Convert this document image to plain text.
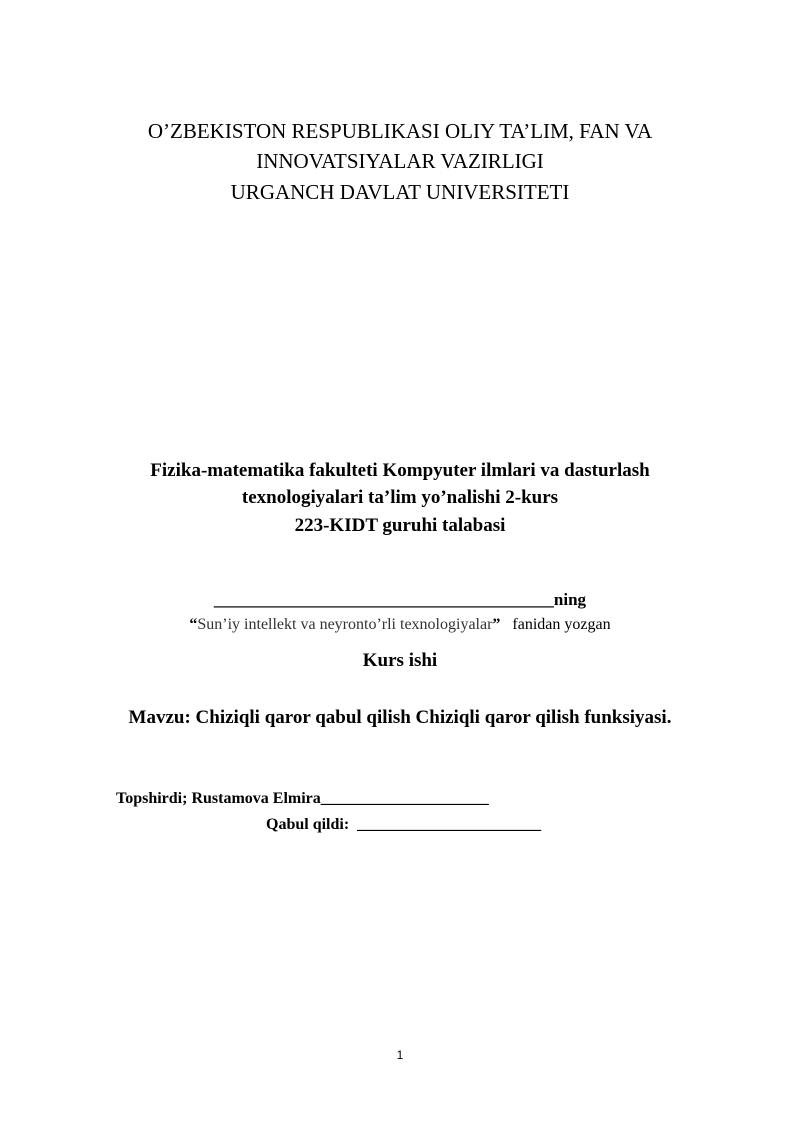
O’ZBEKISTON RESPUBLIKASI OLIY TA’LIM, FAN VA
INNOVATSIYALAR VAZIRLIGI
URGANCH DAVLAT UNIVERSITETI
Fizika-matematika fakulteti Kompyuter ilmlari va dasturlash
texnologiyalari ta’lim yo’nalishi 2-kurs
223-KIDT guruhi talabasi
________________________________________ning
“Sun’iy intellekt va neyronto’rli texnologiyalar” fanidan yozgan
Kurs ishi
Mavzu: Chiziqli qaror qabul qilish Chiziqli qaror qilish funksiyasi.
Topshirdi; Rustamova Elmira_____________________
Qabul qildi: _______________________
1
